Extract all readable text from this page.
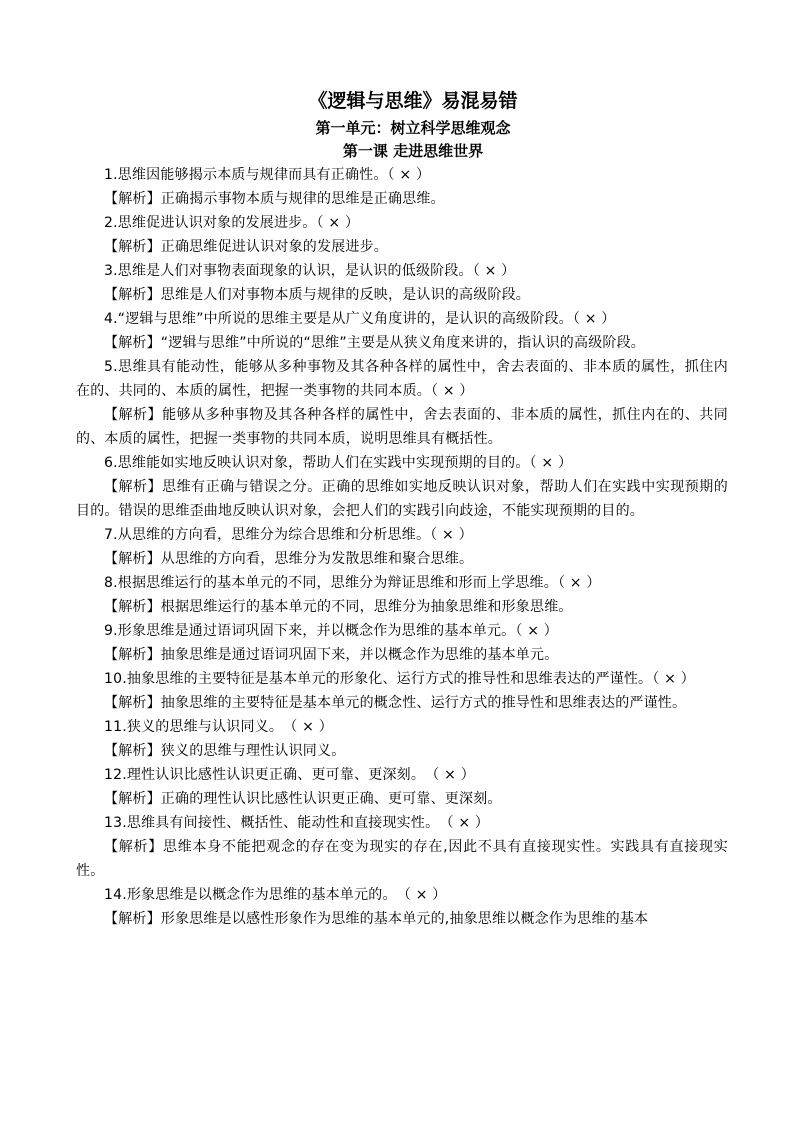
《逻辑与思维》易混易错
第一单元：树立科学思维观念
第一课 走进思维世界

1.思维因能够揭示本质与规律而具有正确性。（ × ）

【解析】正确揭示事物本质与规律的思维是正确思维。

2.思维促进认识对象的发展进步。（ × ）

【解析】正确思维促进认识对象的发展进步。

3.思维是人们对事物表面现象的认识，是认识的低级阶段。（ × ）

【解析】思维是人们对事物本质与规律的反映，是认识的高级阶段。

4.“逻辑与思维”中所说的思维主要是从广义角度讲的，是认识的高级阶段。（ × ）

【解析】“逻辑与思维”中所说的“思维”主要是从狭义角度来讲的，指认识的高级阶段。

5.思维具有能动性，能够从多种事物及其各种各样的属性中，舍去表面的、非本质的属性，抓住内在的、共同的、本质的属性，把握一类事物的共同本质。（ × ）

【解析】能够从多种事物及其各种各样的属性中，舍去表面的、非本质的属性，抓住内在的、共同的、本质的属性，把握一类事物的共同本质，说明思维具有概括性。

6.思维能如实地反映认识对象，帮助人们在实践中实现预期的目的。（ × ）

【解析】思维有正确与错误之分。正确的思维如实地反映认识对象，帮助人们在实践中实现预期的目的。错误的思维歪曲地反映认识对象，会把人们的实践引向歧途，不能实现预期的目的。

7.从思维的方向看，思维分为综合思维和分析思维。（ × ）

【解析】从思维的方向看，思维分为发散思维和聚合思维。

8.根据思维运行的基本单元的不同，思维分为辩证思维和形而上学思维。（ × ）

【解析】根据思维运行的基本单元的不同，思维分为抽象思维和形象思维。

9.形象思维是通过语词巩固下来，并以概念作为思维的基本单元。（ × ）

【解析】抽象思维是通过语词巩固下来，并以概念作为思维的基本单元。

10.抽象思维的主要特征是基本单元的形象化、运行方式的推导性和思维表达的严谨性。（ × ）

【解析】抽象思维的主要特征是基本单元的概念性、运行方式的推导性和思维表达的严谨性。

11.狭义的思维与认识同义。　（ × ）

【解析】狭义的思维与理性认识同义。

12.理性认识比感性认识更正确、更可靠、更深刻。　（ × ）

【解析】正确的理性认识比感性认识更正确、更可靠、更深刻。

13.思维具有间接性、概括性、能动性和直接现实性。　（ × ）

【解析】思维本身不能把观念的存在变为现实的存在,因此不具有直接现实性。实践具有直接现实性。

14.形象思维是以概念作为思维的基本单元的。　（ × ）

【解析】形象思维是以感性形象作为思维的基本单元的,抽象思维以概念作为思维的基本
